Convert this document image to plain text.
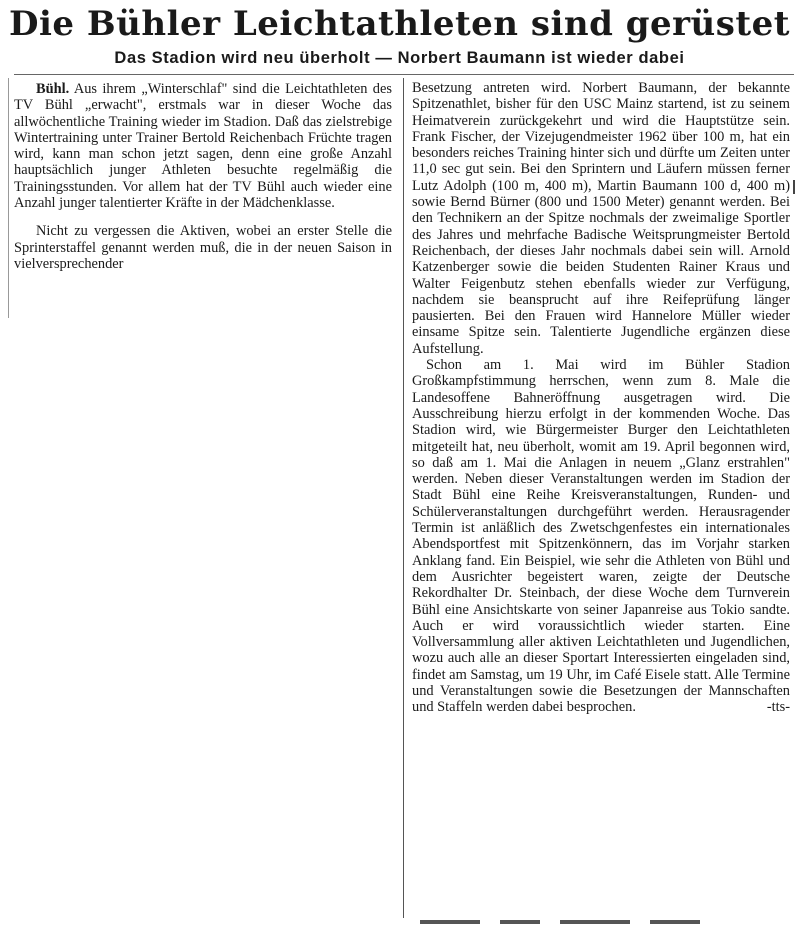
Die Bühler Leichtathleten sind gerüstet
Das Stadion wird neu überholt — Norbert Baumann ist wieder dabei

Bühl. Aus ihrem „Winterschlaf" sind die Leichtathleten des TV Bühl „erwacht", erstmals war in dieser Woche das allwöchentliche Training wieder im Stadion. Daß das zielstrebige Wintertraining unter Trainer Bertold Reichenbach Früchte tragen wird, kann man schon jetzt sagen, denn eine große Anzahl hauptsächlich junger Athleten besuchte regelmäßig die Trainingsstunden. Vor allem hat der TV Bühl auch wieder eine Anzahl junger talentierter Kräfte in der Mädchenklasse.

Nicht zu vergessen die Aktiven, wobei an erster Stelle die Sprinterstaffel genannt werden muß, die in der neuen Saison in vielversprechender

Besetzung antreten wird. Norbert Baumann, der bekannte Spitzenathlet, bisher für den USC Mainz startend, ist zu seinem Heimatverein zurückgekehrt und wird die Hauptstütze sein. Frank Fischer, der Vizejugendmeister 1962 über 100 m, hat ein besonders reiches Training hinter sich und dürfte um Zeiten unter 11,0 sec gut sein. Bei den Sprintern und Läufern müssen ferner Lutz Adolph (100 m, 400 m), Martin Baumann 100 d, 400 m) sowie Bernd Bürner (800 und 1500 Meter) genannt werden. Bei den Technikern an der Spitze nochmals der zweimalige Sportler des Jahres und mehrfache Badische Weitsprungmeister Bertold Reichenbach, der dieses Jahr nochmals dabei sein will. Arnold Katzenberger sowie die beiden Studenten Rainer Kraus und Walter Feigenbutz stehen ebenfalls wieder zur Verfügung, nachdem sie beansprucht auf ihre Reifeprüfung länger pausierten. Bei den Frauen wird Hannelore Müller wieder einsame Spitze sein. Talentierte Jugendliche ergänzen diese Aufstellung.

Schon am 1. Mai wird im Bühler Stadion Großkampfstimmung herrschen, wenn zum 8. Male die Landesoffene Bahneröffnung ausgetragen wird. Die Ausschreibung hierzu erfolgt in der kommenden Woche. Das Stadion wird, wie Bürgermeister Burger den Leichtathleten mitgeteilt hat, neu überholt, womit am 19. April begonnen wird, so daß am 1. Mai die Anlagen in neuem „Glanz erstrahlen" werden. Neben dieser Veranstaltungen werden im Stadion der Stadt Bühl eine Reihe Kreisveranstaltungen, Runden- und Schülerveranstaltungen durchgeführt werden. Herausragender Termin ist anläßlich des Zwetschgenfestes ein internationales Abendsportfest mit Spitzenkönnern, das im Vorjahr starken Anklang fand. Ein Beispiel, wie sehr die Athleten von Bühl und dem Ausrichter begeistert waren, zeigte der Deutsche Rekordhalter Dr. Steinbach, der diese Woche dem Turnverein Bühl eine Ansichtskarte von seiner Japanreise aus Tokio sandte. Auch er wird voraussichtlich wieder starten. Eine Vollversammlung aller aktiven Leichtathleten und Jugendlichen, wozu auch alle an dieser Sportart Interessierten eingeladen sind, findet am Samstag, um 19 Uhr, im Café Eisele statt. Alle Termine und Veranstaltungen sowie die Besetzungen der Mannschaften und Staffeln werden dabei besprochen.	-tts-
